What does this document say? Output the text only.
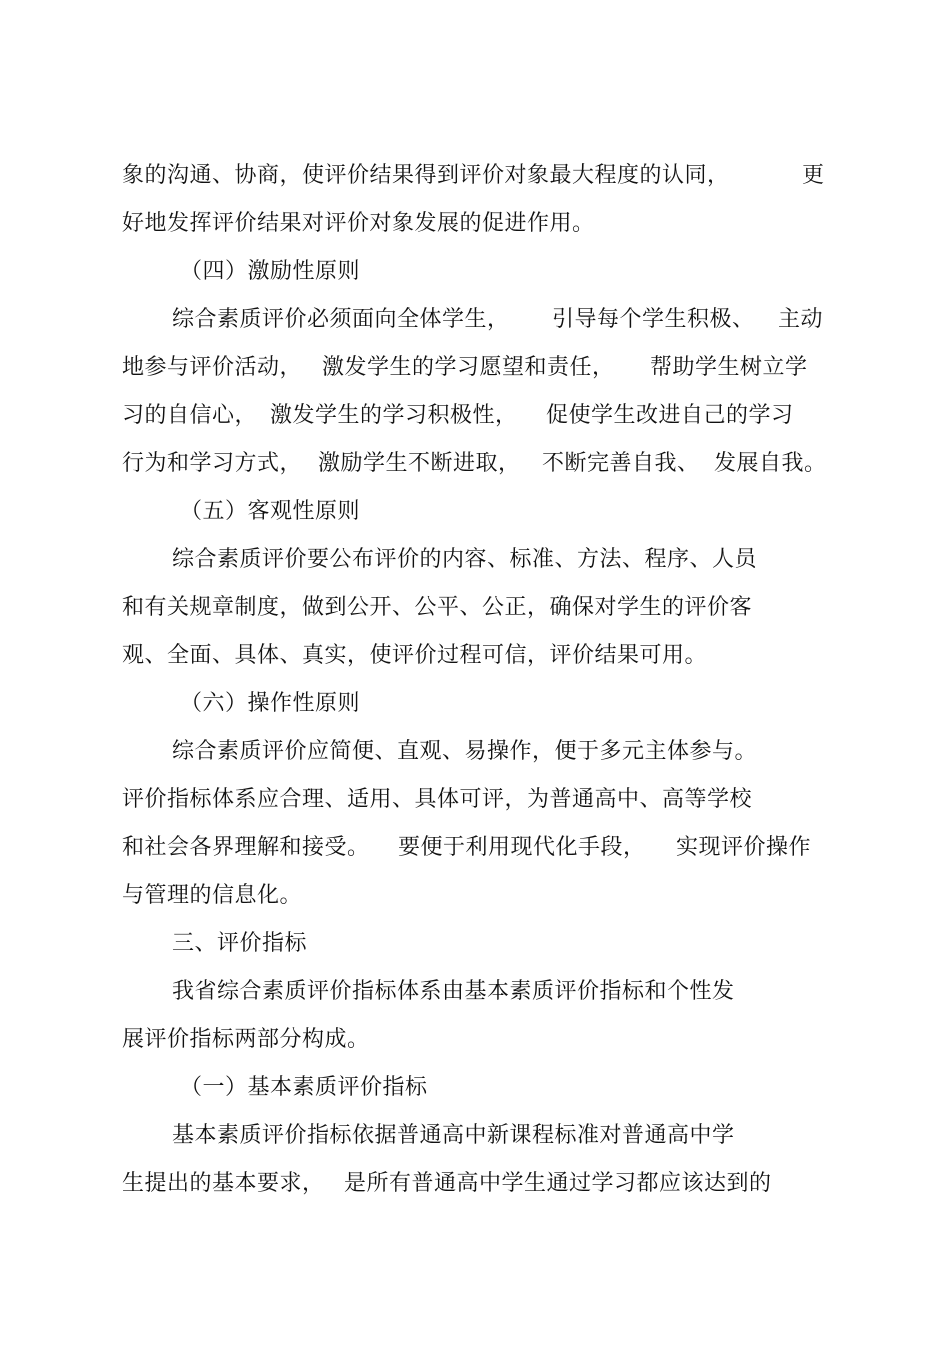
象的沟通、协商，使评价结果得到评价对象最大程度的认同，	更
好地发挥评价结果对评价对象发展的促进作用。
（四）激励性原则
综合素质评价必须面向全体学生， 引导每个学生积极、 主动
地参与评价活动， 激发学生的学习愿望和责任， 帮助学生树立学
习的自信心， 激发学生的学习积极性， 促使学生改进自己的学习
行为和学习方式， 激励学生不断进取， 不断完善自我、 发展自我。
（五）客观性原则
综合素质评价要公布评价的内容、标准、方法、程序、人员
和有关规章制度，做到公开、公平、公正，确保对学生的评价客
观、全面、具体、真实，使评价过程可信，评价结果可用。
（六）操作性原则
综合素质评价应简便、直观、易操作，便于多元主体参与。
评价指标体系应合理、适用、具体可评，为普通高中、高等学校
和社会各界理解和接受。 要便于利用现代化手段， 实现评价操作
与管理的信息化。
三、评价指标
我省综合素质评价指标体系由基本素质评价指标和个性发
展评价指标两部分构成。
（一）基本素质评价指标
基本素质评价指标依据普通高中新课程标准对普通高中学
生提出的基本要求， 是所有普通高中学生通过学习都应该达到的
